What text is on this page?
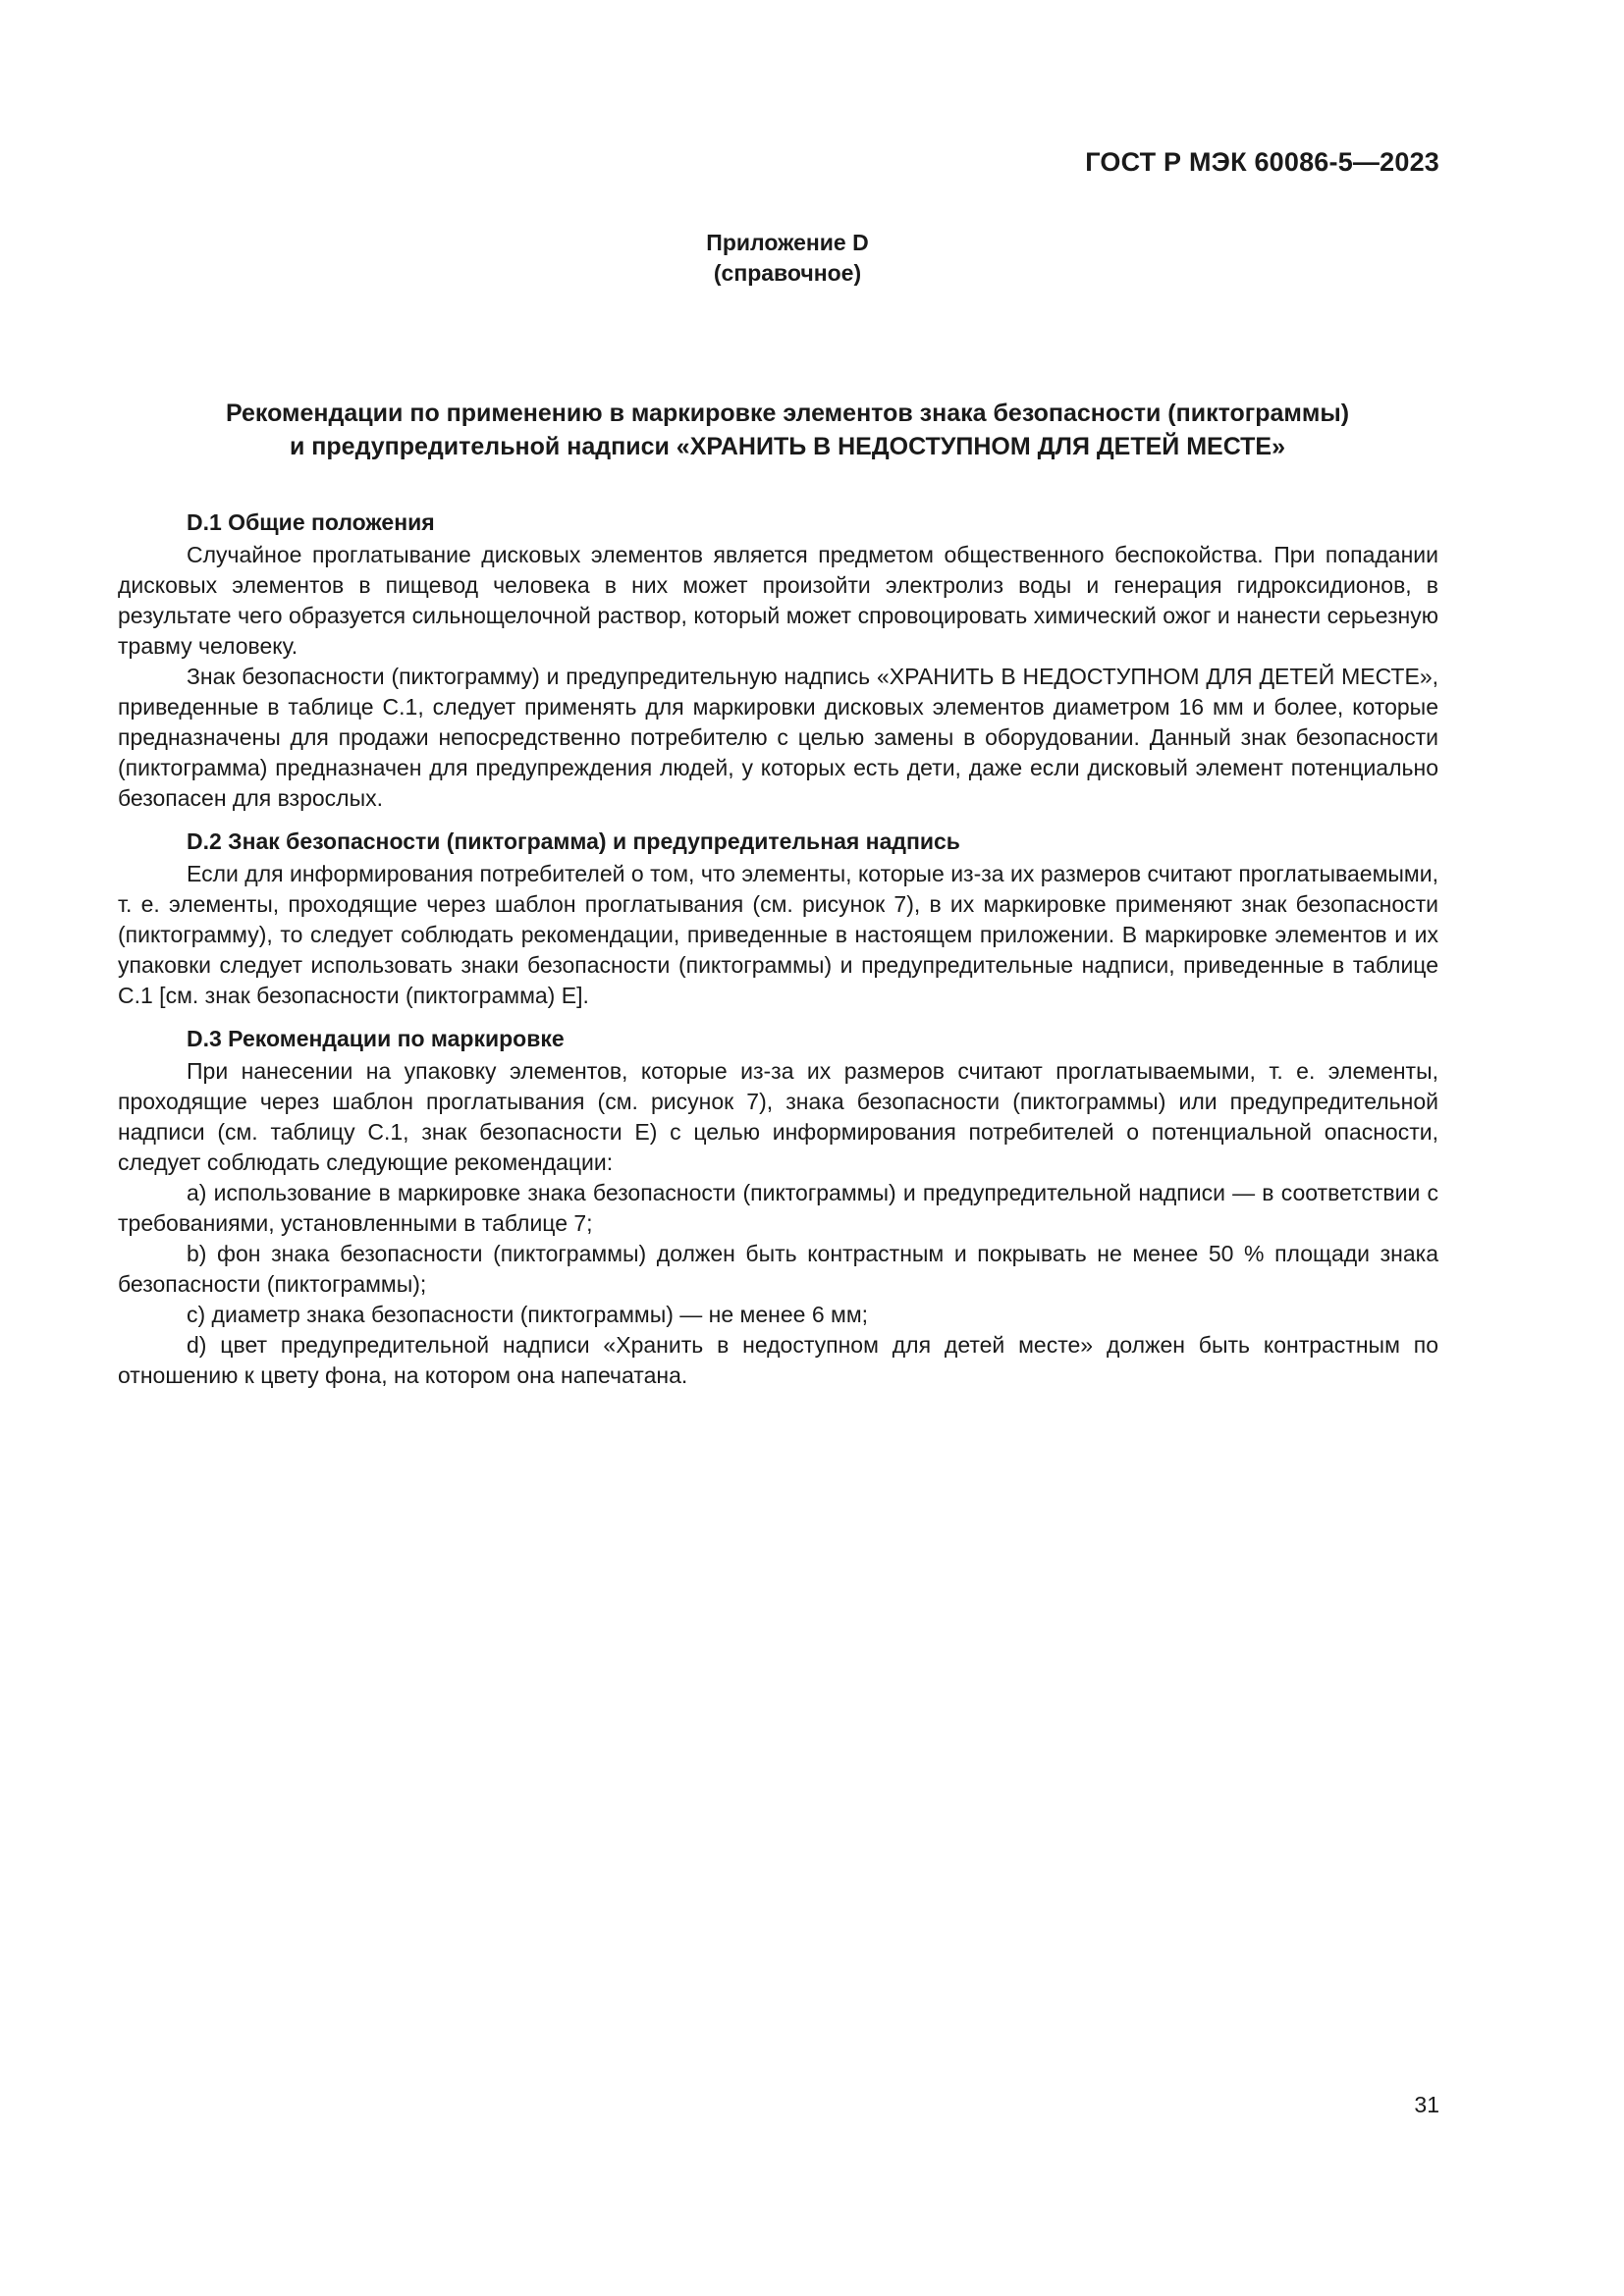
ГОСТ Р МЭК 60086-5—2023
Приложение D
(справочное)
Рекомендации по применению в маркировке элементов знака безопасности (пиктограммы)
и предупредительной надписи «ХРАНИТЬ В НЕДОСТУПНОМ ДЛЯ ДЕТЕЙ МЕСТЕ»

D.1 Общие положения

Случайное проглатывание дисковых элементов является предметом общественного беспокойства. При попадании дисковых элементов в пищевод человека в них может произойти электролиз воды и генерация гидроксидионов, в результате чего образуется сильнощелочной раствор, который может спровоцировать химический ожог и нанести серьезную травму человеку.

Знак безопасности (пиктограмму) и предупредительную надпись «ХРАНИТЬ В НЕДОСТУПНОМ ДЛЯ ДЕТЕЙ МЕСТЕ», приведенные в таблице С.1, следует применять для маркировки дисковых элементов диаметром 16 мм и более, которые предназначены для продажи непосредственно потребителю с целью замены в оборудовании. Данный знак безопасности (пиктограмма) предназначен для предупреждения людей, у которых есть дети, даже если дисковый элемент потенциально безопасен для взрослых.

D.2 Знак безопасности (пиктограмма) и предупредительная надпись

Если для информирования потребителей о том, что элементы, которые из-за их размеров считают проглатываемыми, т. е. элементы, проходящие через шаблон проглатывания (см. рисунок 7), в их маркировке применяют знак безопасности (пиктограмму), то следует соблюдать рекомендации, приведенные в настоящем приложении. В маркировке элементов и их упаковки следует использовать знаки безопасности (пиктограммы) и предупредительные надписи, приведенные в таблице С.1 [см. знак безопасности (пиктограмма) Е].

D.3 Рекомендации по маркировке

При нанесении на упаковку элементов, которые из-за их размеров считают проглатываемыми, т. е. элементы, проходящие через шаблон проглатывания (см. рисунок 7), знака безопасности (пиктограммы) или предупредительной надписи (см. таблицу С.1, знак безопасности Е) с целью информирования потребителей о потенциальной опасности, следует соблюдать следующие рекомендации:

a) использование в маркировке знака безопасности (пиктограммы) и предупредительной надписи — в соответствии с требованиями, установленными в таблице 7;

b) фон знака безопасности (пиктограммы) должен быть контрастным и покрывать не менее 50 % площади знака безопасности (пиктограммы);

c) диаметр знака безопасности (пиктограммы) — не менее 6 мм;

d) цвет предупредительной надписи «Хранить в недоступном для детей месте» должен быть контрастным по отношению к цвету фона, на котором она напечатана.

31
